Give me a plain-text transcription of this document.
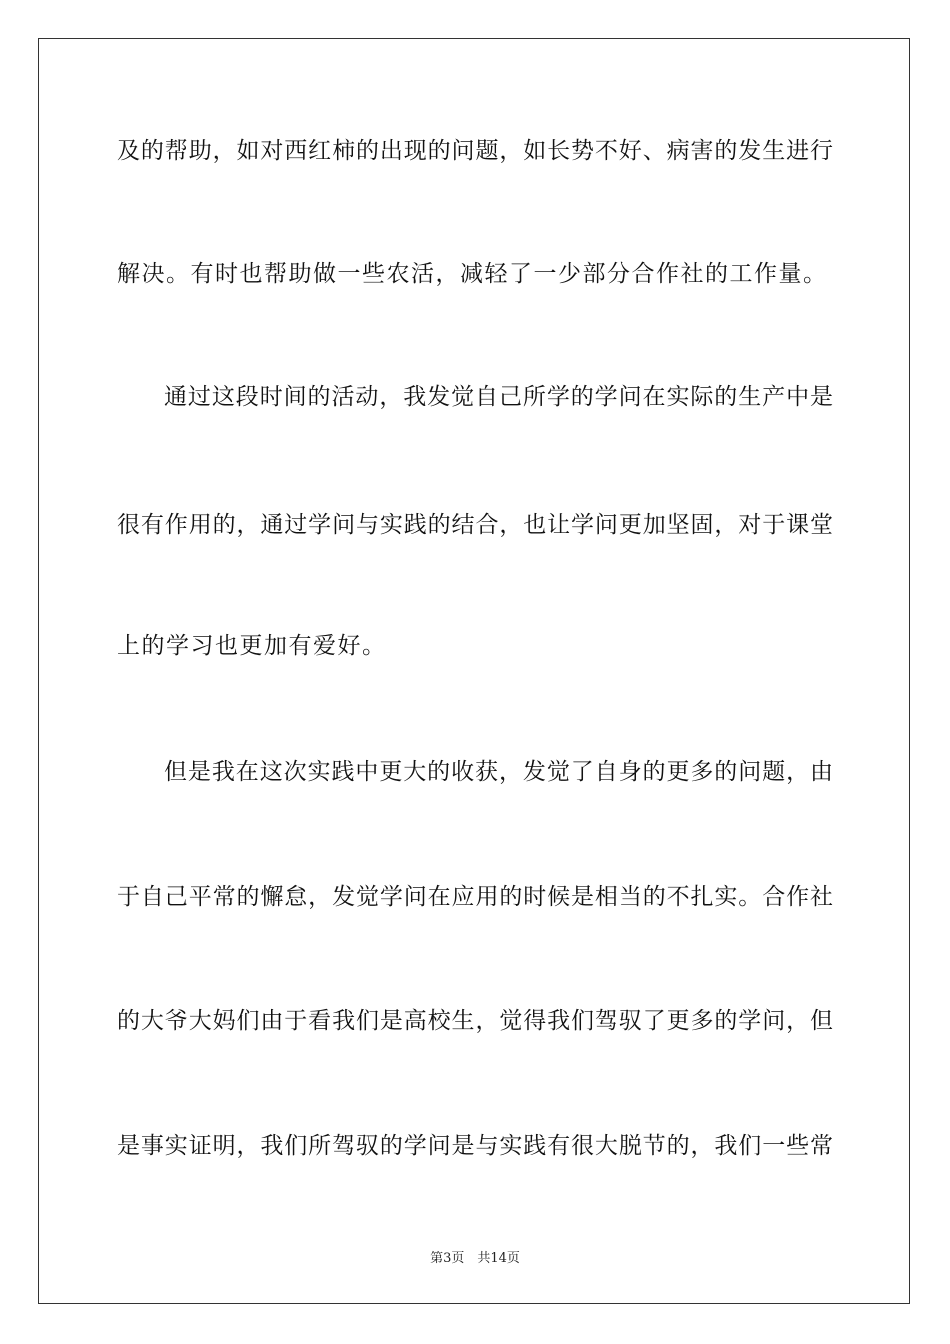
及的帮助，如对西红柿的出现的问题，如长势不好、病害的发生进行
解决。有时也帮助做一些农活，减轻了一少部分合作社的工作量。
通过这段时间的活动，我发觉自己所学的学问在实际的生产中是
很有作用的，通过学问与实践的结合，也让学问更加坚固，对于课堂
上的学习也更加有爱好。
但是我在这次实践中更大的收获，发觉了自身的更多的问题，由
于自己平常的懈怠，发觉学问在应用的时候是相当的不扎实。合作社
的大爷大妈们由于看我们是高校生，觉得我们驾驭了更多的学问，但
是事实证明，我们所驾驭的学问是与实践有很大脱节的，我们一些常
第3页　共14页
